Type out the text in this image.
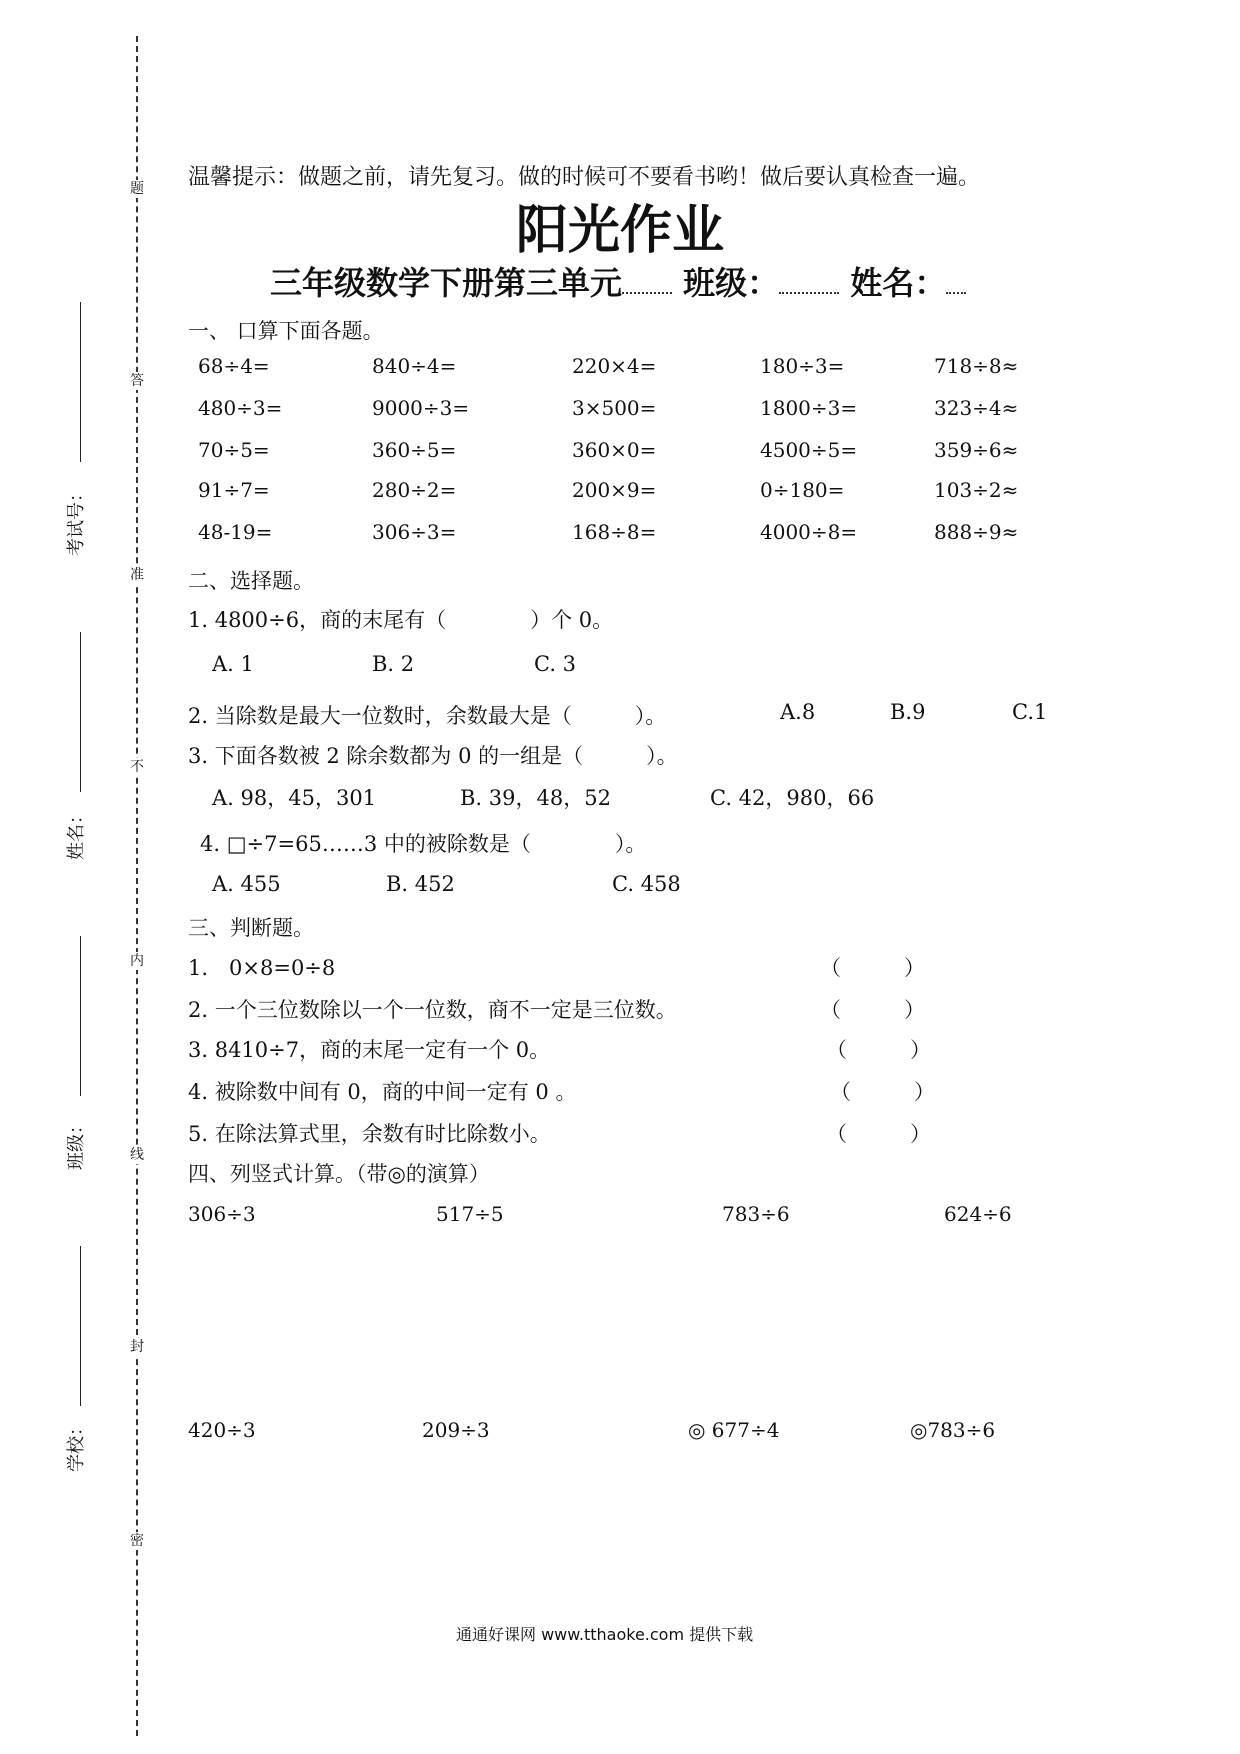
题
答
准
不
内
线
封
密
考试号：
姓名：
班级：
学校：
温馨提示：做题之前，请先复习。做的时候可不要看书哟！做后要认真检查一遍。
阳光作业
三年级数学下册第三单元 班级： 姓名：
一、 口算下面各题。
68÷4=	840÷4=	220×4=	180÷3=	718÷8≈
480÷3=	9000÷3=	3×500=	1800÷3=	323÷4≈
70÷5=	360÷5=	360×0=	4500÷5=	359÷6≈
91÷7=	280÷2=	200×9=	0÷180=	103÷2≈
48-19=	306÷3=	168÷8=	4000÷8=	888÷9≈
二、选择题。
1. 4800÷6，商的末尾有（　　　　）个 0。
A. 1	B. 2	C. 3
2. 当除数是最大一位数时，余数最大是（　　　）。	A.8	B.9	C.1
3. 下面各数被 2 除余数都为 0 的一组是（　　　）。
A. 98，45，301	B. 39，48，52	C. 42，980，66
4. □÷7=65……3 中的被除数是（　　　　）。
A. 455	B. 452	C. 458
三、判断题。
1.　0×8=0÷8	（　　　）
2. 一个三位数除以一个一位数，商不一定是三位数。	（　　　）
3. 8410÷7，商的末尾一定有一个 0。	（　　　）
4. 被除数中间有 0，商的中间一定有 0 。	（　　　）
5. 在除法算式里，余数有时比除数小。	（　　　）
四、列竖式计算。（带◎的演算）
306÷3	517÷5	783÷6	624÷6
420÷3	209÷3	◎ 677÷4	◎783÷6
通通好课网 www.tthaoke.com 提供下载
